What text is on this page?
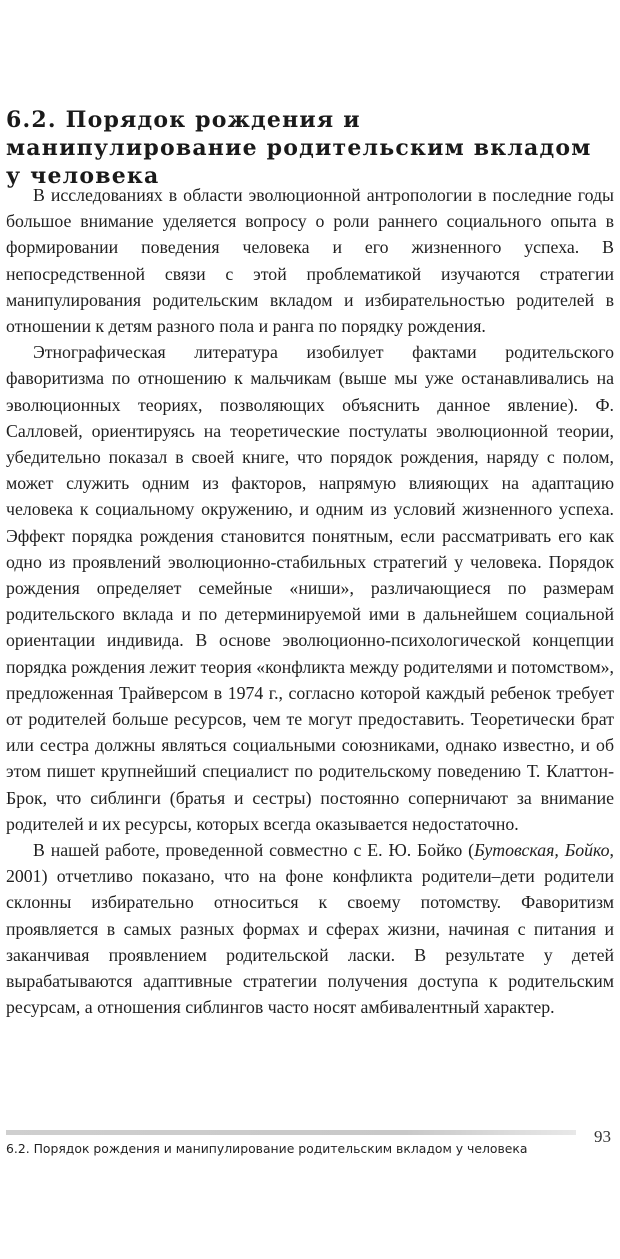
6.2. Порядок рождения и манипулирование родительским вкладом у человека

В исследованиях в области эволюционной антропологии в последние годы большое внимание уделяется вопросу о роли раннего социального опыта в формировании поведения человека и его жизненного успеха. В непосредственной связи с этой проблематикой изучаются стратегии манипулирования родительским вкладом и избирательностью родителей в отношении к детям разного пола и ранга по порядку рождения.

Этнографическая литература изобилует фактами родительского фаворитизма по отношению к мальчикам (выше мы уже останавливались на эволюционных теориях, позволяющих объяснить данное явление). Ф. Салловей, ориентируясь на теоретические постулаты эволюционной теории, убедительно показал в своей книге, что порядок рождения, наряду с полом, может служить одним из факторов, напрямую влияющих на адаптацию человека к социальному окружению, и одним из условий жизненного успеха. Эффект порядка рождения становится понятным, если рассматривать его как одно из проявлений эволюционно-стабильных стратегий у человека. Порядок рождения определяет семейные «ниши», различающиеся по размерам родительского вклада и по детерминируемой ими в дальнейшем социальной ориентации индивида. В основе эволюционно-психологической концепции порядка рождения лежит теория «конфликта между родителями и потомством», предложенная Трайверсом в 1974 г., согласно которой каждый ребенок требует от родителей больше ресурсов, чем те могут предоставить. Теоретически брат или сестра должны являться социальными союзниками, однако известно, и об этом пишет крупнейший специалист по родительскому поведению Т. Клаттон-Брок, что сиблинги (братья и сестры) постоянно соперничают за внимание родителей и их ресурсы, которых всегда оказывается недостаточно.

В нашей работе, проведенной совместно с Е. Ю. Бойко (Бутовская, Бойко, 2001) отчетливо показано, что на фоне конфликта родители–дети родители склонны избирательно относиться к своему потомству. Фаворитизм проявляется в самых разных формах и сферах жизни, начиная с питания и заканчивая проявлением родительской ласки. В результате у детей вырабатываются адаптивные стратегии получения доступа к родительским ресурсам, а отношения сиблингов часто носят амбивалентный характер.

6.2. Порядок рождения и манипулирование родительским вкладом у человека
93
